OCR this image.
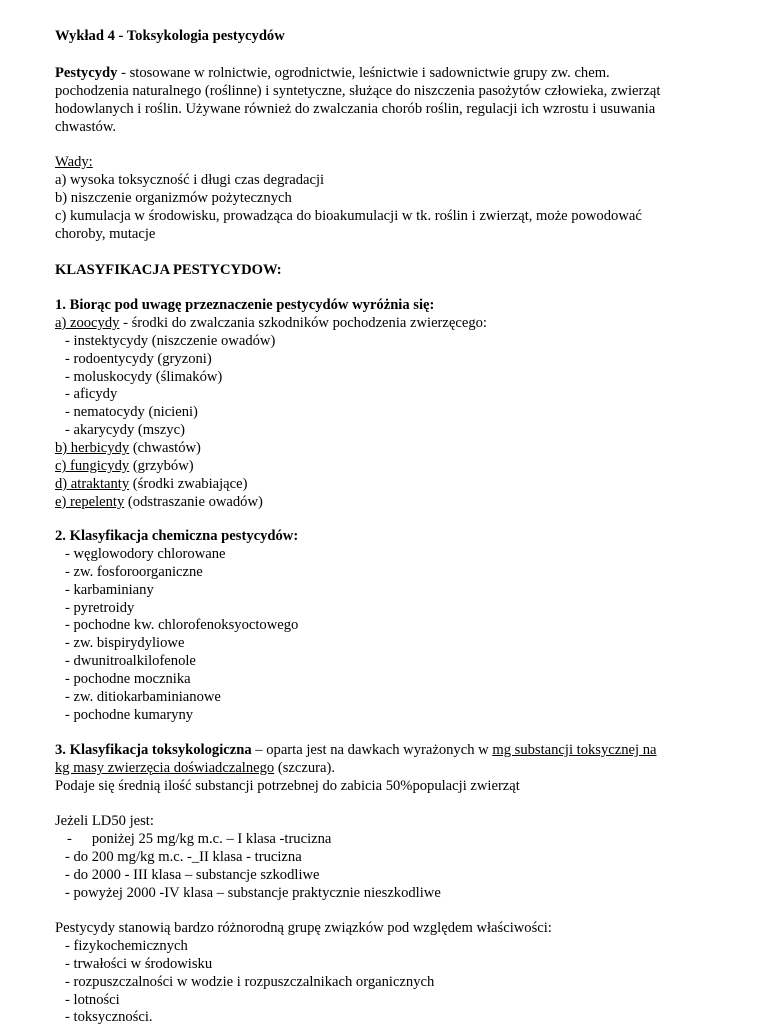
Wykład 4 - Toksykologia pestycydów
Pestycydy - stosowane w rolnictwie, ogrodnictwie, leśnictwie i sadownictwie grupy zw. chem.
pochodzenia naturalnego (roślinne) i syntetyczne, służące do niszczenia pasożytów człowieka, zwierząt
hodowlanych i roślin. Używane również do zwalczania chorób roślin, regulacji ich wzrostu i usuwania
chwastów.
Wady:
a) wysoka toksyczność i długi czas degradacji
b) niszczenie organizmów pożytecznych
c) kumulacja w środowisku, prowadząca do bioakumulacji w tk. roślin i zwierząt, może powodować
choroby, mutacje
KLASYFIKACJA PESTYCYDOW:
1. Biorąc pod uwagę przeznaczenie pestycydów wyróżnia się:
a) zoocydy - środki do zwalczania szkodników pochodzenia zwierzęcego:
- instektycydy (niszczenie owadów)
- rodoentycydy (gryzoni)
- moluskocydy (ślimaków)
- aficydy
- nematocydy (nicieni)
- akarycydy (mszyc)
b) herbicydy (chwastów)
c) fungicydy (grzybów)
d) atraktanty (środki zwabiające)
e) repelenty (odstraszanie owadów)
2. Klasyfikacja chemiczna pestycydów:
- węglowodory chlorowane
- zw. fosforoorganiczne
- karbaminiany
- pyretroidy
- pochodne kw. chlorofenoksyoctowego
- zw. bispirydyliowe
- dwunitroalkilofenole
- pochodne mocznika
- zw. ditiokarbaminianowe
- pochodne kumaryny
3. Klasyfikacja toksykologiczna – oparta jest na dawkach wyrażonych w mg substancji toksycznej na
kg masy zwierzęcia doświadczalnego (szczura).
Podaje się średnią ilość substancji potrzebnej do zabicia 50%populacji zwierząt
Jeżeli LD50 jest:
- poniżej 25 mg/kg m.c. – I klasa -trucizna
- do 200 mg/kg m.c. -_II klasa - trucizna
- do 2000 - III klasa – substancje szkodliwe
- powyżej 2000 -IV klasa – substancje praktycznie nieszkodliwe
Pestycydy stanowią bardzo różnorodną grupę związków pod względem właściwości:
- fizykochemicznych
- trwałości w środowisku
- rozpuszczalności w wodzie i rozpuszczalnikach organicznych
- lotności
- toksyczności.
